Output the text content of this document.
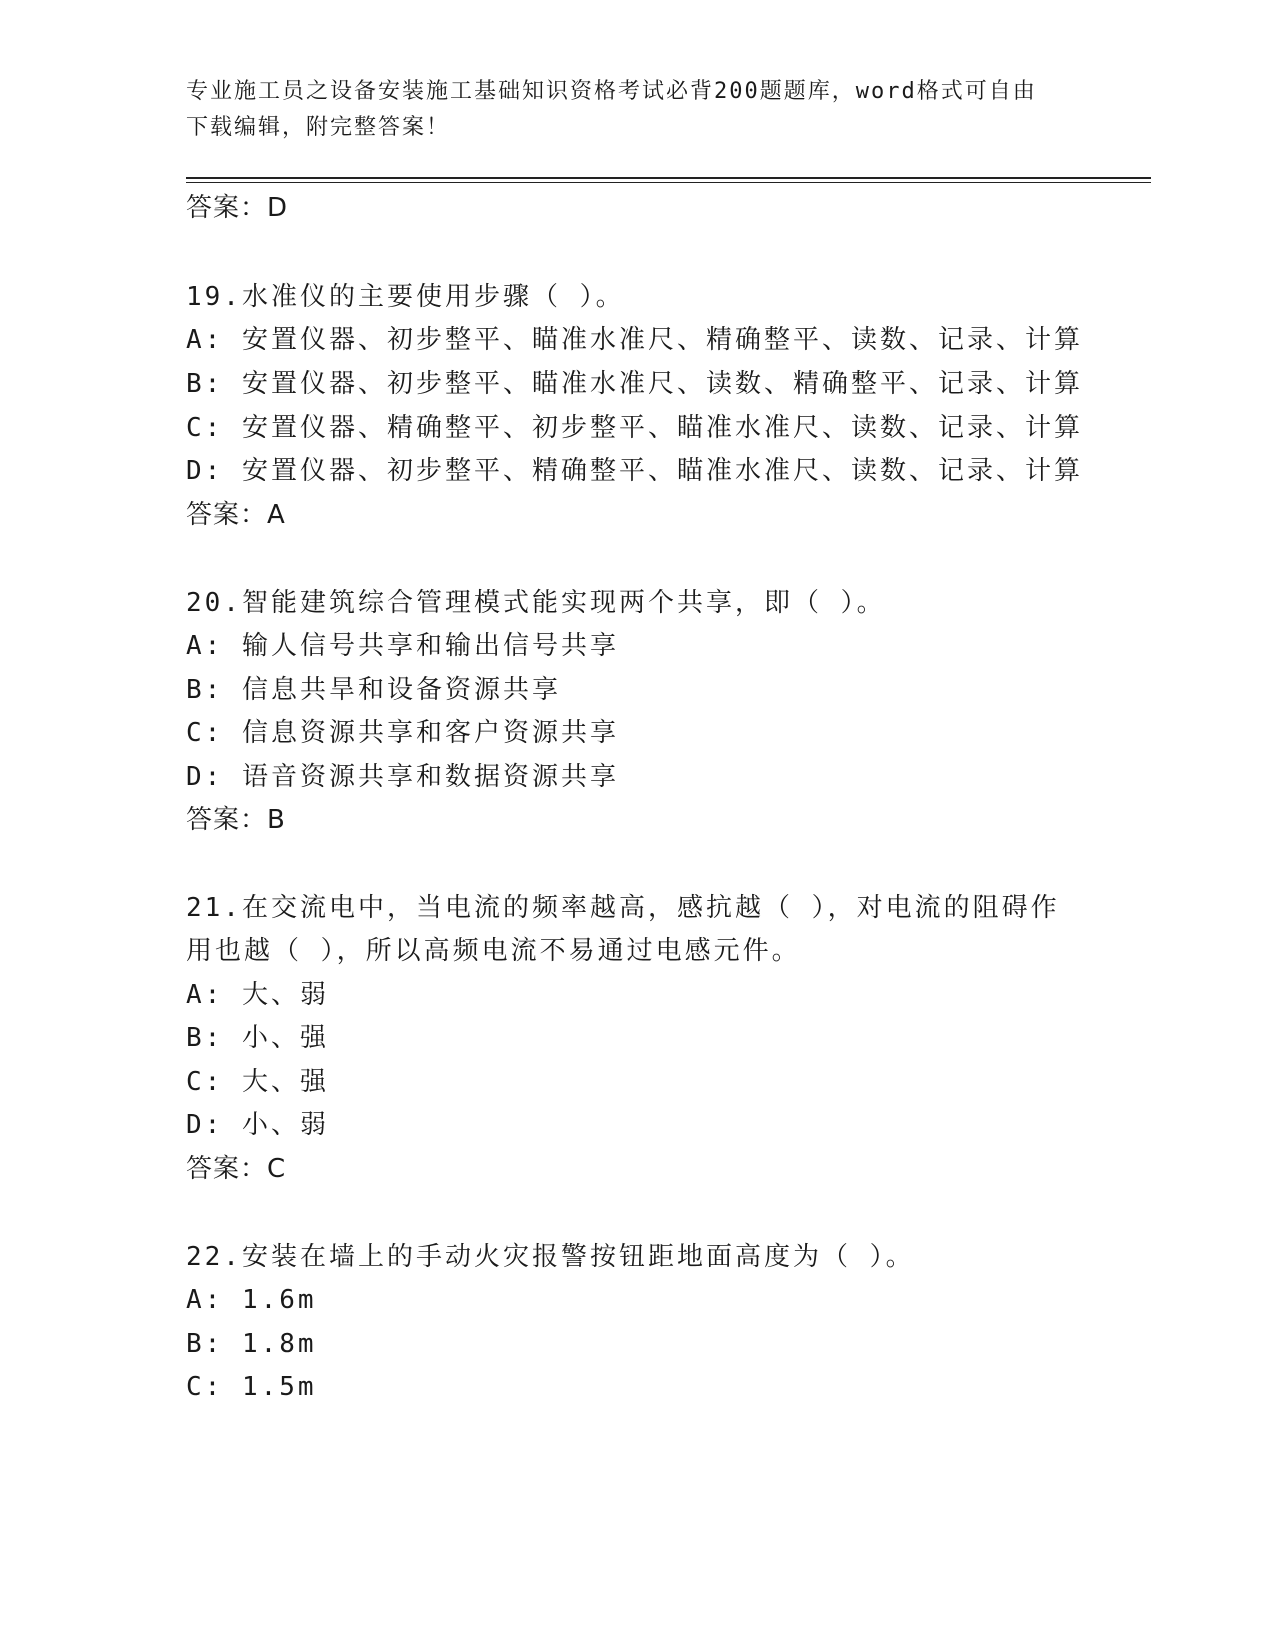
专业施工员之设备安装施工基础知识资格考试必背200题题库，word格式可自由
下载编辑，附完整答案！
答案：D
19.水准仪的主要使用步骤（ ）。
A: 安置仪器、初步整平、瞄准水准尺、精确整平、读数、记录、计算
B: 安置仪器、初步整平、瞄准水准尺、读数、精确整平、记录、计算
C: 安置仪器、精确整平、初步整平、瞄准水准尺、读数、记录、计算
D: 安置仪器、初步整平、精确整平、瞄准水准尺、读数、记录、计算
答案：A
20.智能建筑综合管理模式能实现两个共享，即（ ）。
A: 输人信号共享和输出信号共享
B: 信息共旱和设备资源共享
C: 信息资源共享和客户资源共享
D: 语音资源共享和数据资源共享
答案：B
21.在交流电中，当电流的频率越高，感抗越（ ），对电流的阻碍作
用也越（ ），所以高频电流不易通过电感元件。
A: 大、弱
B: 小、强
C: 大、强
D: 小、弱
答案：C
22.安装在墙上的手动火灾报警按钮距地面高度为（ ）。
A: 1.6m
B: 1.8m
C: 1.5m
